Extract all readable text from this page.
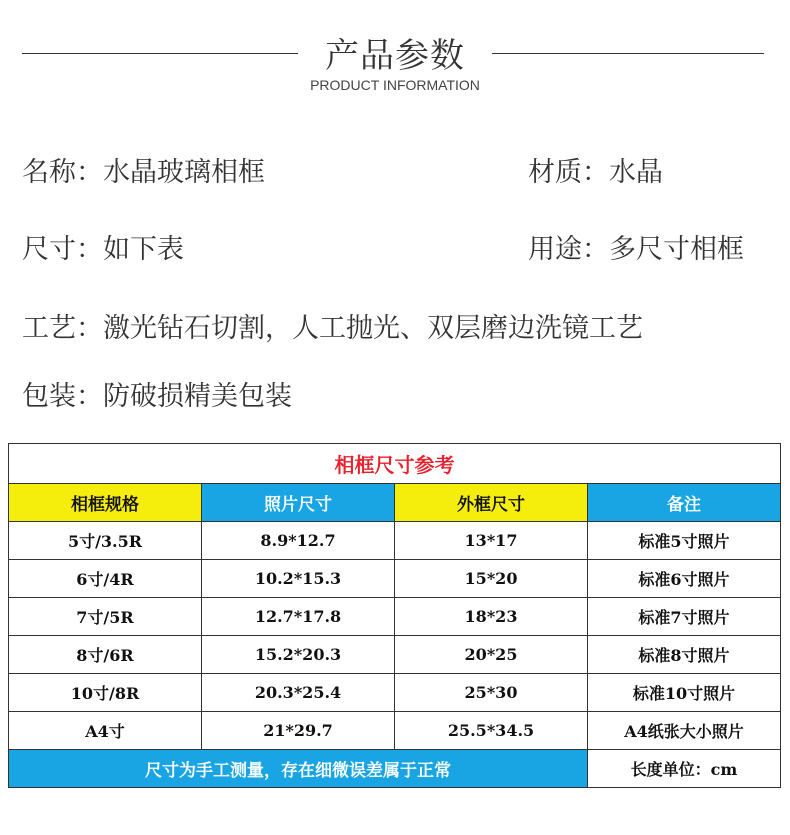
产品参数
PRODUCT INFORMATION
名称：水晶玻璃相框	材质：水晶
尺寸：如下表	用途：多尺寸相框
工艺：激光钻石切割，人工抛光、双层磨边洗镜工艺
包装：防破损精美包装
相框尺寸参考			
相框规格	照片尺寸	外框尺寸	备注
5寸/3.5R	8.9*12.7	13*17	标准5寸照片
6寸/4R	10.2*15.3	15*20	标准6寸照片
7寸/5R	12.7*17.8	18*23	标准7寸照片
8寸/6R	15.2*20.3	20*25	标准8寸照片
10寸/8R	20.3*25.4	25*30	标准10寸照片
A4寸	21*29.7	25.5*34.5	A4纸张大小照片
尺寸为手工测量，存在细微误差属于正常			长度单位：cm
